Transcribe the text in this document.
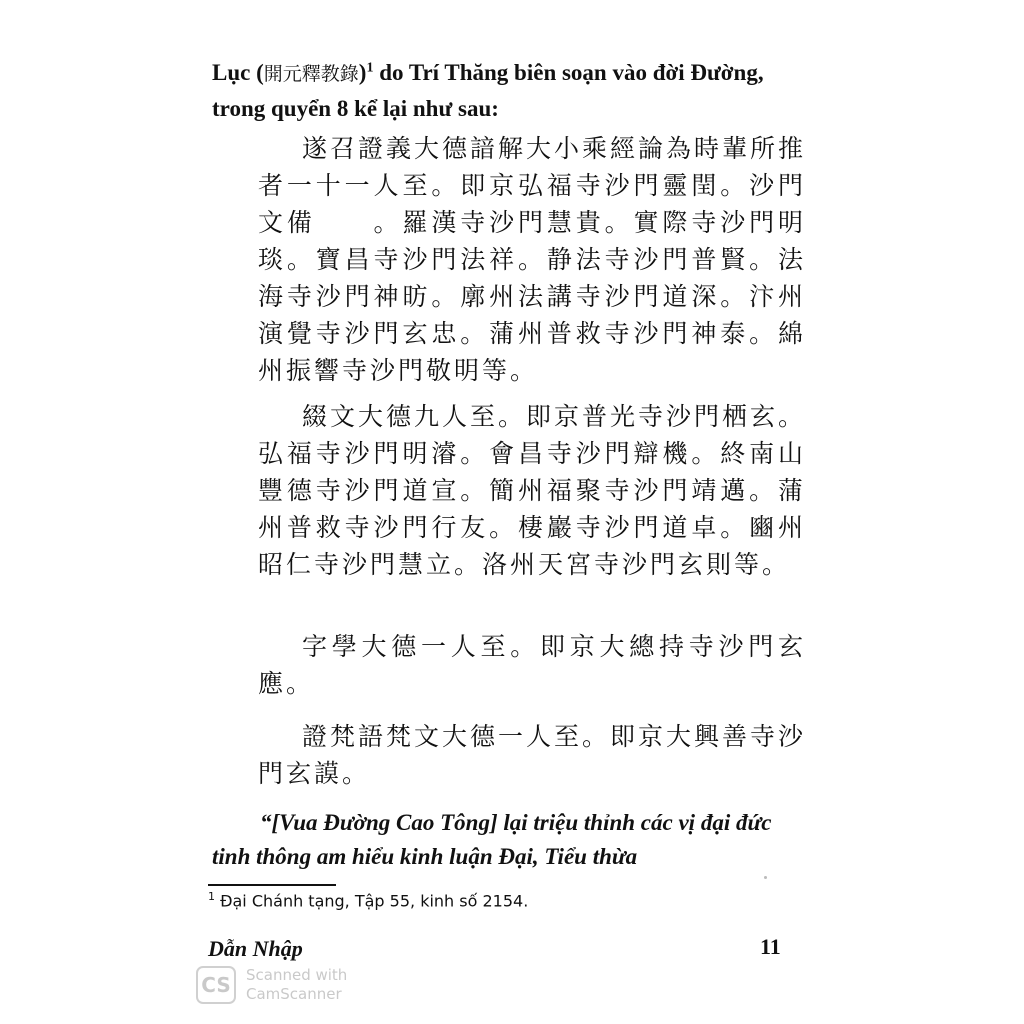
Lục (開元釋教錄)$^1$ do Trí Thăng biên soạn vào đời Đường, trong quyển 8 kể lại như sau:

遂召證義大德諳解大小乘經論為時輩所推者一十一人至。即京弘福寺沙門靈閏。沙門文備　　。羅漢寺沙門慧貴。實際寺沙門明琰。寶昌寺沙門法祥。静法寺沙門普賢。法海寺沙門神昉。廓州法講寺沙門道深。汴州演覺寺沙門玄忠。蒲州普救寺沙門神泰。綿州振響寺沙門敬明等。

綴文大德九人至。即京普光寺沙門栖玄。弘福寺沙門明濬。會昌寺沙門辯機。終南山豐德寺沙門道宣。簡州福聚寺沙門靖邁。蒲州普救寺沙門行友。棲巖寺沙門道卓。豳州昭仁寺沙門慧立。洛州天宮寺沙門玄則等。

字學大德一人至。即京大總持寺沙門玄應。

證梵語梵文大德一人至。即京大興善寺沙門玄謨。

“[Vua Đường Cao Tông] lại triệu thỉnh các vị đại đức tinh thông am hiểu kinh luận Đại, Tiểu thừa

$^1$ Đại Chánh tạng, Tập 55, kinh số 2154.

Dẫn Nhập	11
CS	Scanned with
CamScanner
